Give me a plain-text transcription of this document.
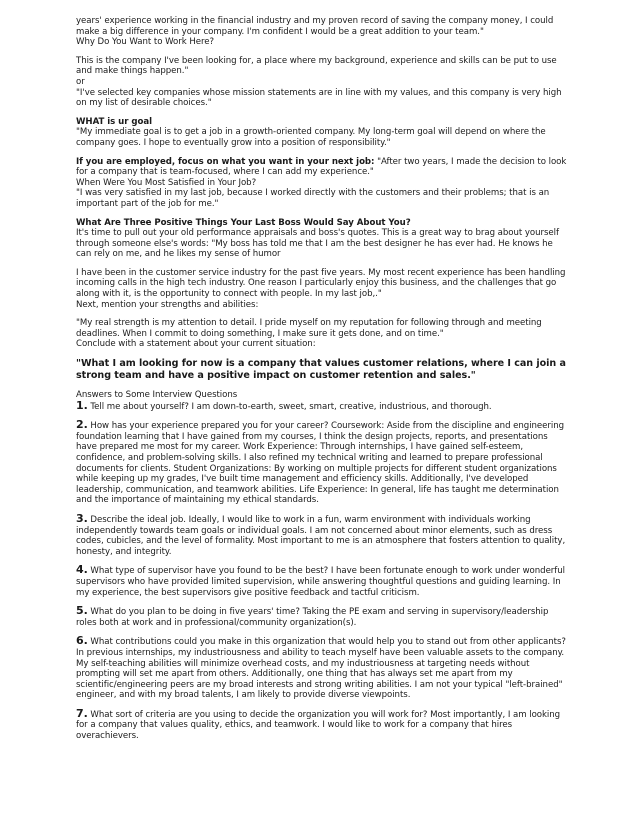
years' experience working in the financial industry and my proven record of saving the company money, I could make a big difference in your company. I'm confident I would be a great addition to your team."

Why Do You Want to Work Here?

This is the company I've been looking for, a place where my background, experience and skills can be put to use and make things happen."

or

"I've selected key companies whose mission statements are in line with my values, and this company is very high on my list of desirable choices."

WHAT is ur goal

"My immediate goal is to get a job in a growth-oriented company. My long-term goal will depend on where the company goes. I hope to eventually grow into a position of responsibility."

If you are employed, focus on what you want in your next job: "After two years, I made the decision to look for a company that is team-focused, where I can add my experience."

When Were You Most Satisfied in Your Job?

"I was very satisfied in my last job, because I worked directly with the customers and their problems; that is an important part of the job for me."

What Are Three Positive Things Your Last Boss Would Say About You?

It's time to pull out your old performance appraisals and boss's quotes. This is a great way to brag about yourself through someone else's words: "My boss has told me that I am the best designer he has ever had. He knows he can rely on me, and he likes my sense of humor

I have been in the customer service industry for the past five years. My most recent experience has been handling incoming calls in the high tech industry. One reason I particularly enjoy this business, and the challenges that go along with it, is the opportunity to connect with people. In my last job,."

Next, mention your strengths and abilities:

"My real strength is my attention to detail. I pride myself on my reputation for following through and meeting deadlines. When I commit to doing something, I make sure it gets done, and on time."

Conclude with a statement about your current situation:

"What I am looking for now is a company that values customer relations, where I can join a strong team and have a positive impact on customer retention and sales."

Answers to Some Interview Questions

1. Tell me about yourself? I am down-to-earth, sweet, smart, creative, industrious, and thorough.

2. How has your experience prepared you for your career? Coursework: Aside from the discipline and engineering foundation learning that I have gained from my courses, I think the design projects, reports, and presentations have prepared me most for my career. Work Experience: Through internships, I have gained self-esteem, confidence, and problem-solving skills. I also refined my technical writing and learned to prepare professional documents for clients. Student Organizations: By working on multiple projects for different student organizations while keeping up my grades, I've built time management and efficiency skills. Additionally, I've developed leadership, communication, and teamwork abilities. Life Experience: In general, life has taught me determination and the importance of maintaining my ethical standards.

3. Describe the ideal job. Ideally, I would like to work in a fun, warm environment with individuals working independently towards team goals or individual goals. I am not concerned about minor elements, such as dress codes, cubicles, and the level of formality. Most important to me is an atmosphere that fosters attention to quality, honesty, and integrity.

4. What type of supervisor have you found to be the best? I have been fortunate enough to work under wonderful supervisors who have provided limited supervision, while answering thoughtful questions and guiding learning. In my experience, the best supervisors give positive feedback and tactful criticism.

5. What do you plan to be doing in five years' time? Taking the PE exam and serving in supervisory/leadership roles both at work and in professional/community organization(s).

6. What contributions could you make in this organization that would help you to stand out from other applicants? In previous internships, my industriousness and ability to teach myself have been valuable assets to the company. My self-teaching abilities will minimize overhead costs, and my industriousness at targeting needs without prompting will set me apart from others. Additionally, one thing that has always set me apart from my scientific/engineering peers are my broad interests and strong writing abilities. I am not your typical "left-brained" engineer, and with my broad talents, I am likely to provide diverse viewpoints.

7. What sort of criteria are you using to decide the organization you will work for? Most importantly, I am looking for a company that values quality, ethics, and teamwork. I would like to work for a company that hires overachievers.
